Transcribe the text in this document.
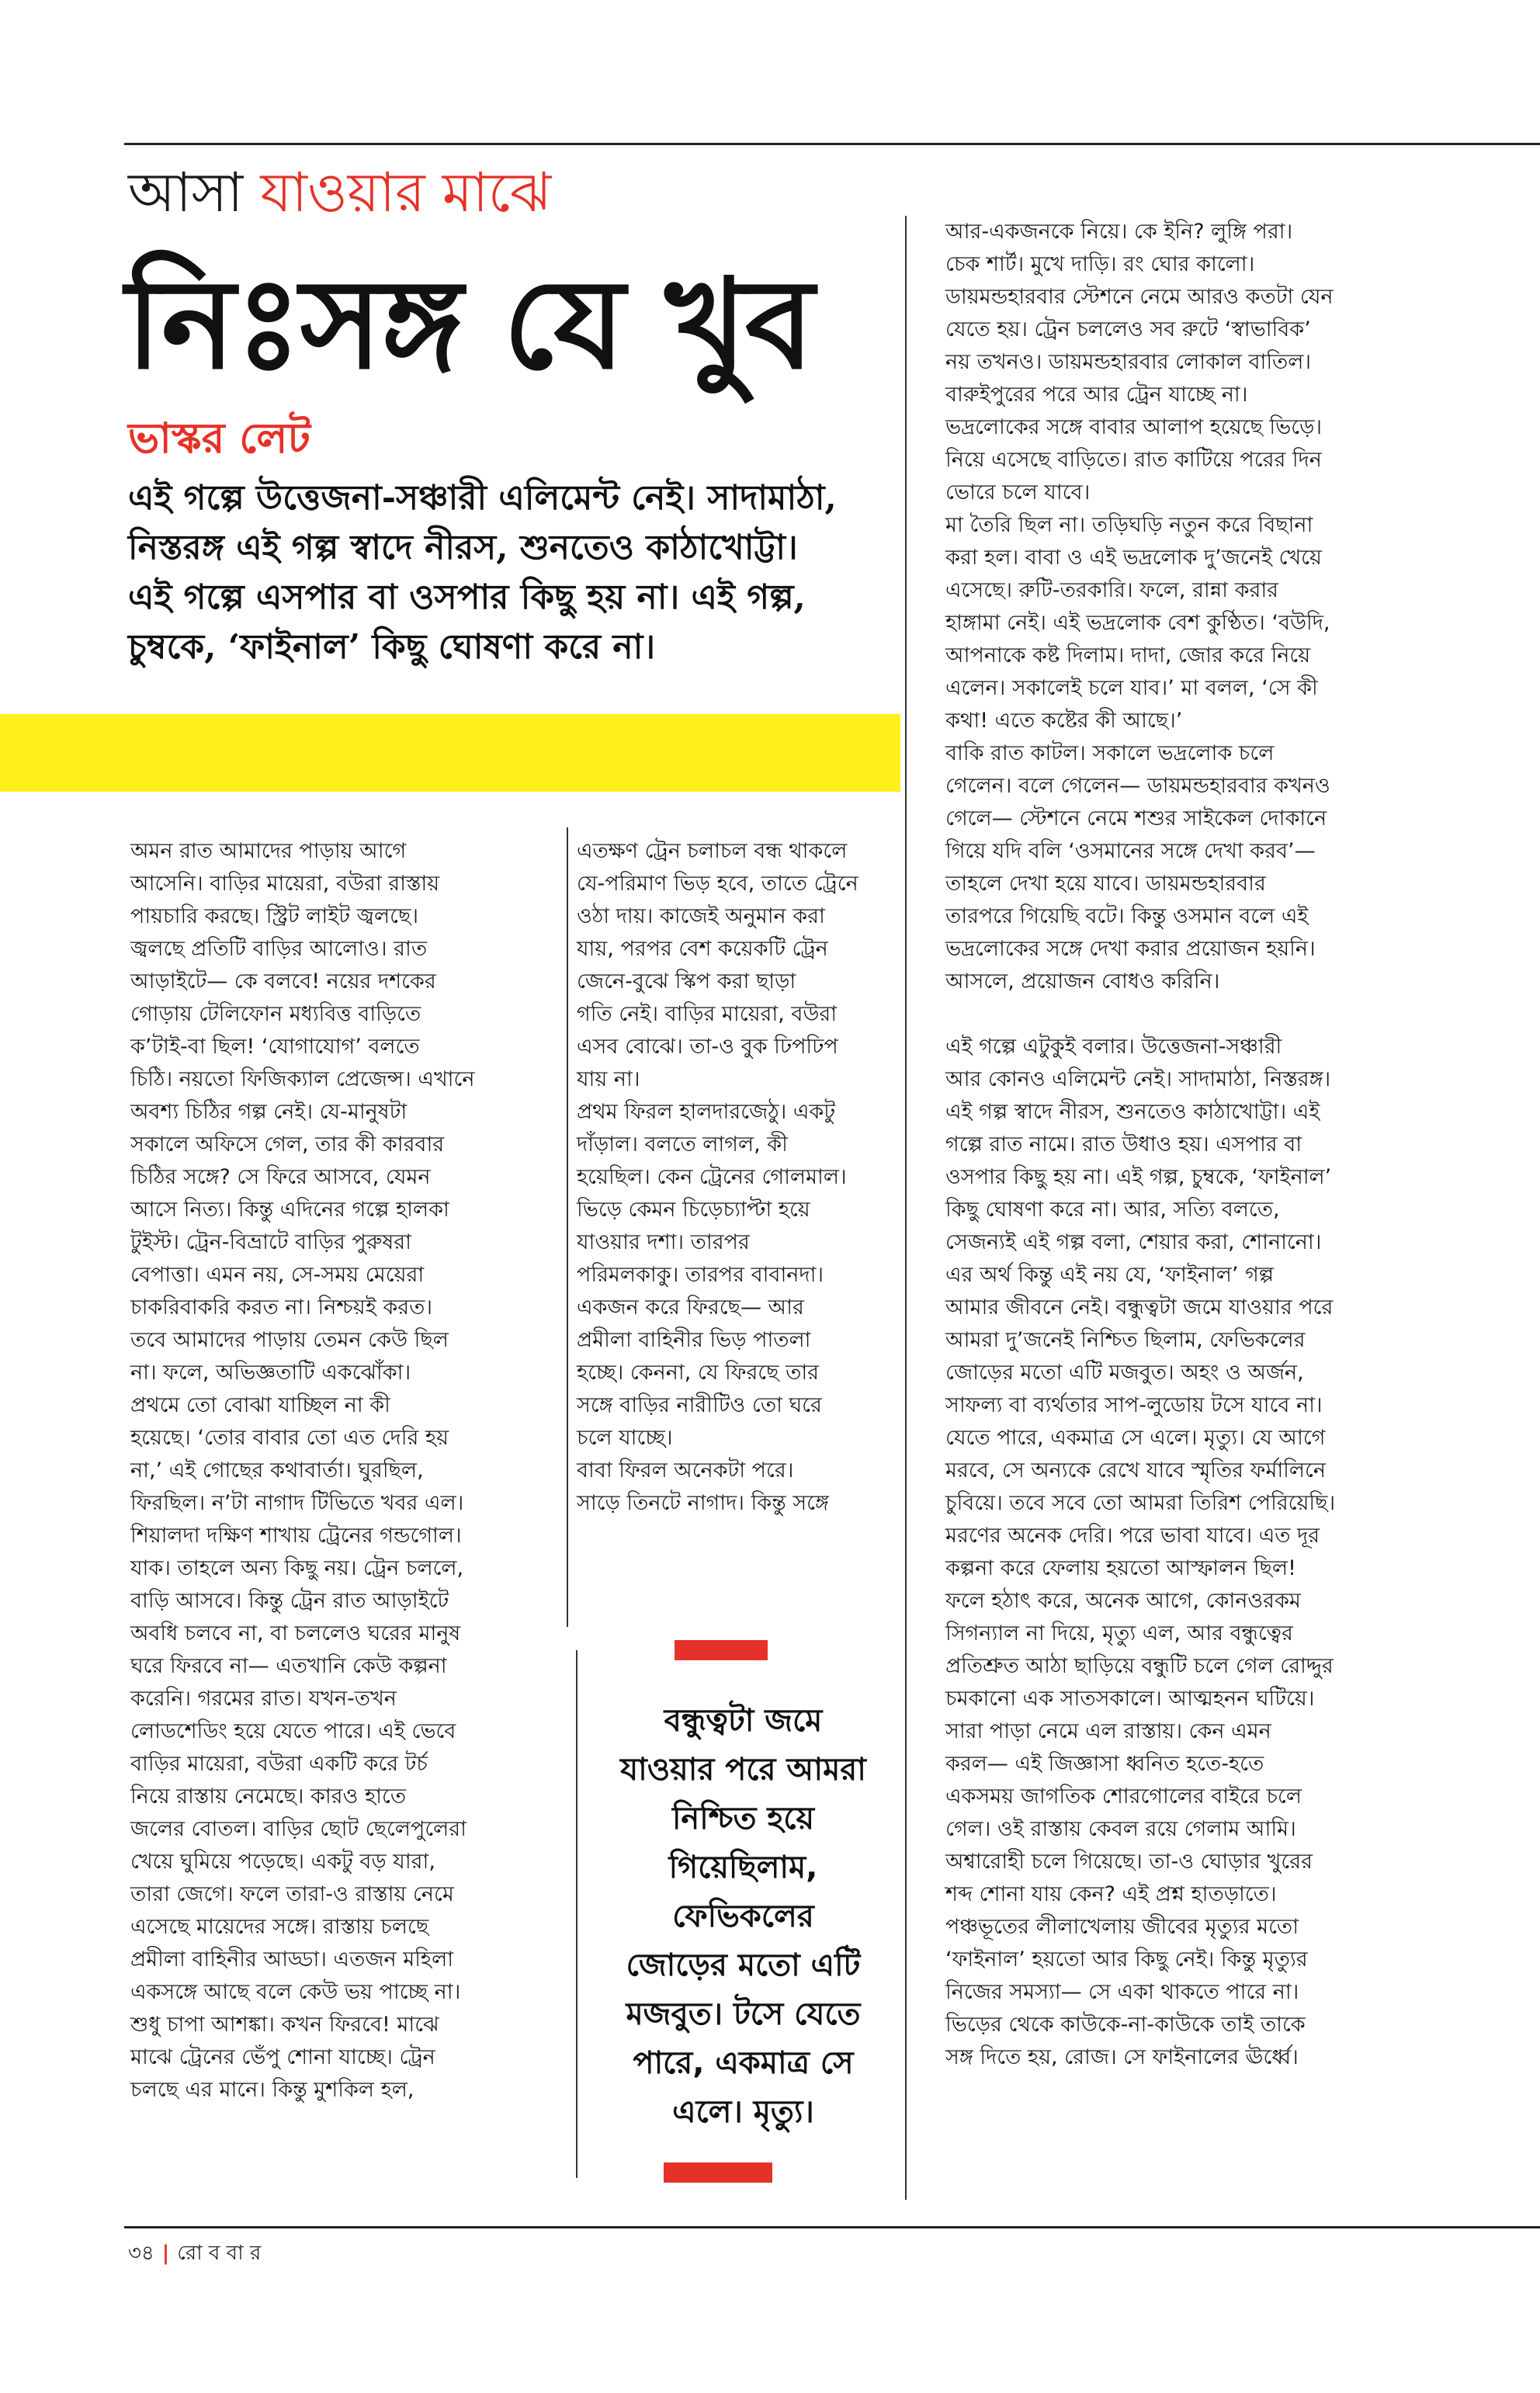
আসা যাওয়ার মাঝে
নিঃসঙ্গ যে খুব
ভাস্কর লেট

এই গল্পে উত্তেজনা-সঞ্চারী এলিমেন্ট নেই। সাদামাঠা,

নিস্তরঙ্গ এই গল্প স্বাদে নীরস, শুনতেও কাঠাখোট্টা।

এই গল্পে এসপার বা ওসপার কিছু হয় না। এই গল্প,

চুম্বকে, ‘ফাইনাল’ কিছু ঘোষণা করে না।

অমন রাত আমাদের পাড়ায় আগে

আসেনি। বাড়ির মায়েরা, বউরা রাস্তায়

পায়চারি করছে। স্ট্রিট লাইট জ্বলছে।

জ্বলছে প্রতিটি বাড়ির আলোও। রাত

আড়াইটে— কে বলবে! নয়ের দশকের

গোড়ায় টেলিফোন মধ্যবিত্ত বাড়িতে

ক’টাই-বা ছিল! ‘যোগাযোগ’ বলতে

চিঠি। নয়তো ফিজিক্যাল প্রেজেন্স। এখানে

অবশ্য চিঠির গল্প নেই। যে-মানুষটা

সকালে অফিসে গেল, তার কী কারবার

চিঠির সঙ্গে? সে ফিরে আসবে, যেমন

আসে নিত্য। কিন্তু এদিনের গল্পে হালকা

টুইস্ট। ট্রেন-বিভ্রাটে বাড়ির পুরুষরা

বেপাত্তা। এমন নয়, সে-সময় মেয়েরা

চাকরিবাকরি করত না। নিশ্চয়ই করত।

তবে আমাদের পাড়ায় তেমন কেউ ছিল

না। ফলে, অভিজ্ঞতাটি একঝোঁকা।

প্রথমে তো বোঝা যাচ্ছিল না কী

হয়েছে। ‘তোর বাবার তো এত দেরি হয়

না,’ এই গোছের কথাবার্তা। ঘুরছিল,

ফিরছিল। ন’টা নাগাদ টিভিতে খবর এল।

শিয়ালদা দক্ষিণ শাখায় ট্রেনের গন্ডগোল।

যাক। তাহলে অন্য কিছু নয়। ট্রেন চললে,

বাড়ি আসবে। কিন্তু ট্রেন রাত আড়াইটে

অবধি চলবে না, বা চললেও ঘরের মানুষ

ঘরে ফিরবে না— এতখানি কেউ কল্পনা

করেনি। গরমের রাত। যখন-তখন

লোডশেডিং হয়ে যেতে পারে। এই ভেবে

বাড়ির মায়েরা, বউরা একটি করে টর্চ

নিয়ে রাস্তায় নেমেছে। কারও হাতে

জলের বোতল। বাড়ির ছোট ছেলেপুলেরা

খেয়ে ঘুমিয়ে পড়েছে। একটু বড় যারা,

তারা জেগে। ফলে তারা-ও রাস্তায় নেমে

এসেছে মায়েদের সঙ্গে। রাস্তায় চলছে

প্রমীলা বাহিনীর আড্ডা। এতজন মহিলা

একসঙ্গে আছে বলে কেউ ভয় পাচ্ছে না।

শুধু চাপা আশঙ্কা। কখন ফিরবে! মাঝে

মাঝে ট্রেনের ভেঁপু শোনা যাচ্ছে। ট্রেন

চলছে এর মানে। কিন্তু মুশকিল হল,

এতক্ষণ ট্রেন চলাচল বন্ধ থাকলে

যে-পরিমাণ ভিড় হবে, তাতে ট্রেনে

ওঠা দায়। কাজেই অনুমান করা

যায়, পরপর বেশ কয়েকটি ট্রেন

জেনে-বুঝে স্কিপ করা ছাড়া

গতি নেই। বাড়ির মায়েরা, বউরা

এসব বোঝে। তা-ও বুক ঢিপঢিপ

যায় না।

প্রথম ফিরল হালদারজেঠু। একটু

দাঁড়াল। বলতে লাগল, কী

হয়েছিল। কেন ট্রেনের গোলমাল।

ভিড়ে কেমন চিড়েচ্যাপ্টা হয়ে

যাওয়ার দশা। তারপর

পরিমলকাকু। তারপর বাবানদা।

একজন করে ফিরছে— আর

প্রমীলা বাহিনীর ভিড় পাতলা

হচ্ছে। কেননা, যে ফিরছে তার

সঙ্গে বাড়ির নারীটিও তো ঘরে

চলে যাচ্ছে।

বাবা ফিরল অনেকটা পরে।

সাড়ে তিনটে নাগাদ। কিন্তু সঙ্গে

আর-একজনকে নিয়ে। কে ইনি? লুঙ্গি পরা।

চেক শার্ট। মুখে দাড়ি। রং ঘোর কালো।

ডায়মন্ডহারবার স্টেশনে নেমে আরও কতটা যেন

যেতে হয়। ট্রেন চললেও সব রুটে ‘স্বাভাবিক’

নয় তখনও। ডায়মন্ডহারবার লোকাল বাতিল।

বারুইপুরের পরে আর ট্রেন যাচ্ছে না।

ভদ্রলোকের সঙ্গে বাবার আলাপ হয়েছে ভিড়ে।

নিয়ে এসেছে বাড়িতে। রাত কাটিয়ে পরের দিন

ভোরে চলে যাবে।

মা তৈরি ছিল না। তড়িঘড়ি নতুন করে বিছানা

করা হল। বাবা ও এই ভদ্রলোক দু’জনেই খেয়ে

এসেছে। রুটি-তরকারি। ফলে, রান্না করার

হাঙ্গামা নেই। এই ভদ্রলোক বেশ কুণ্ঠিত। ‘বউদি,

আপনাকে কষ্ট দিলাম। দাদা, জোর করে নিয়ে

এলেন। সকালেই চলে যাব।’ মা বলল, ‘সে কী

কথা! এতে কষ্টের কী আছে।’

বাকি রাত কাটল। সকালে ভদ্রলোক চলে

গেলেন। বলে গেলেন— ডায়মন্ডহারবার কখনও

গেলে— স্টেশনে নেমে শশুর সাইকেল দোকানে

গিয়ে যদি বলি ‘ওসমানের সঙ্গে দেখা করব’—

তাহলে দেখা হয়ে যাবে। ডায়মন্ডহারবার

তারপরে গিয়েছি বটে। কিন্তু ওসমান বলে এই

ভদ্রলোকের সঙ্গে দেখা করার প্রয়োজন হয়নি।

আসলে, প্রয়োজন বোধও করিনি।

এই গল্পে এটুকুই বলার। উত্তেজনা-সঞ্চারী

আর কোনও এলিমেন্ট নেই। সাদামাঠা, নিস্তরঙ্গ।

এই গল্প স্বাদে নীরস, শুনতেও কাঠাখোট্টা। এই

গল্পে রাত নামে। রাত উধাও হয়। এসপার বা

ওসপার কিছু হয় না। এই গল্প, চুম্বকে, ‘ফাইনাল’

কিছু ঘোষণা করে না। আর, সত্যি বলতে,

সেজন্যই এই গল্প বলা, শেয়ার করা, শোনানো।

এর অর্থ কিন্তু এই নয় যে, ‘ফাইনাল’ গল্প

আমার জীবনে নেই। বন্ধুত্বটা জমে যাওয়ার পরে

আমরা দু’জনেই নিশ্চিত ছিলাম, ফেভিকলের

জোড়ের মতো এটি মজবুত। অহং ও অর্জন,

সাফল্য বা ব্যর্থতার সাপ-লুডোয় টসে যাবে না।

যেতে পারে, একমাত্র সে এলে। মৃত্যু। যে আগে

মরবে, সে অন্যকে রেখে যাবে স্মৃতির ফর্মালিনে

চুবিয়ে। তবে সবে তো আমরা তিরিশ পেরিয়েছি।

মরণের অনেক দেরি। পরে ভাবা যাবে। এত দূর

কল্পনা করে ফেলায় হয়তো আস্ফালন ছিল!

ফলে হঠাৎ করে, অনেক আগে, কোনওরকম

সিগন্যাল না দিয়ে, মৃত্যু এল, আর বন্ধুত্বের

প্রতিশ্রুত আঠা ছাড়িয়ে বন্ধুটি চলে গেল রোদ্দুর

চমকানো এক সাতসকালে। আত্মহনন ঘটিয়ে।

সারা পাড়া নেমে এল রাস্তায়। কেন এমন

করল— এই জিজ্ঞাসা ধ্বনিত হতে-হতে

একসময় জাগতিক শোরগোলের বাইরে চলে

গেল। ওই রাস্তায় কেবল রয়ে গেলাম আমি।

অশ্বারোহী চলে গিয়েছে। তা-ও ঘোড়ার খুরের

শব্দ শোনা যায় কেন? এই প্রশ্ন হাতড়াতে।

পঞ্চভূতের লীলাখেলায় জীবের মৃত্যুর মতো

‘ফাইনাল’ হয়তো আর কিছু নেই। কিন্তু মৃত্যুর

নিজের সমস্যা— সে একা থাকতে পারে না।

ভিড়ের থেকে কাউকে-না-কাউকে তাই তাকে

সঙ্গ দিতে হয়, রোজ। সে ফাইনালের ঊর্ধ্বে।

বন্ধুত্বটা জমে

যাওয়ার পরে আমরা

নিশ্চিত হয়ে

গিয়েছিলাম,

ফেভিকলের

জোড়ের মতো এটি

মজবুত। টসে যেতে

পারে, একমাত্র সে

এলে। মৃত্যু।

৩৪ | রো ব বা র
